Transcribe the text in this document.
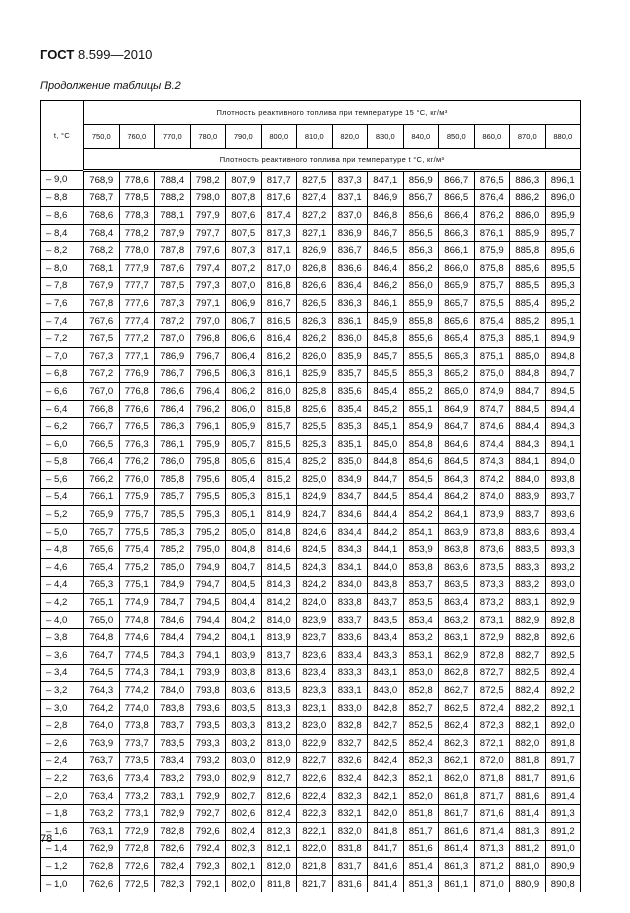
ГОСТ 8.599—2010
Продолжение таблицы В.2
t, °C	Плотность реактивного топлива при температуре 15 °C, кг/м³													
	750,0	760,0	770,0	780,0	790,0	800,0	810,0	820,0	830,0	840,0	850,0	860,0	870,0	880,0
	Плотность реактивного топлива при температуре t °C, кг/м³													
– 9,0	768,9	778,6	788,4	798,2	807,9	817,7	827,5	837,3	847,1	856,9	866,7	876,5	886,3	896,1
– 8,8	768,7	778,5	788,2	798,0	807,8	817,6	827,4	837,1	846,9	856,7	866,5	876,4	886,2	896,0
– 8,6	768,6	778,3	788,1	797,9	807,6	817,4	827,2	837,0	846,8	856,6	866,4	876,2	886,0	895,9
– 8,4	768,4	778,2	787,9	797,7	807,5	817,3	827,1	836,9	846,7	856,5	866,3	876,1	885,9	895,7
– 8,2	768,2	778,0	787,8	797,6	807,3	817,1	826,9	836,7	846,5	856,3	866,1	875,9	885,8	895,6
– 8,0	768,1	777,9	787,6	797,4	807,2	817,0	826,8	836,6	846,4	856,2	866,0	875,8	885,6	895,5
– 7,8	767,9	777,7	787,5	797,3	807,0	816,8	826,6	836,4	846,2	856,0	865,9	875,7	885,5	895,3
– 7,6	767,8	777,6	787,3	797,1	806,9	816,7	826,5	836,3	846,1	855,9	865,7	875,5	885,4	895,2
– 7,4	767,6	777,4	787,2	797,0	806,7	816,5	826,3	836,1	845,9	855,8	865,6	875,4	885,2	895,1
– 7,2	767,5	777,2	787,0	796,8	806,6	816,4	826,2	836,0	845,8	855,6	865,4	875,3	885,1	894,9
– 7,0	767,3	777,1	786,9	796,7	806,4	816,2	826,0	835,9	845,7	855,5	865,3	875,1	885,0	894,8
– 6,8	767,2	776,9	786,7	796,5	806,3	816,1	825,9	835,7	845,5	855,3	865,2	875,0	884,8	894,7
– 6,6	767,0	776,8	786,6	796,4	806,2	816,0	825,8	835,6	845,4	855,2	865,0	874,9	884,7	894,5
– 6,4	766,8	776,6	786,4	796,2	806,0	815,8	825,6	835,4	845,2	855,1	864,9	874,7	884,5	894,4
– 6,2	766,7	776,5	786,3	796,1	805,9	815,7	825,5	835,3	845,1	854,9	864,7	874,6	884,4	894,3
– 6,0	766,5	776,3	786,1	795,9	805,7	815,5	825,3	835,1	845,0	854,8	864,6	874,4	884,3	894,1
– 5,8	766,4	776,2	786,0	795,8	805,6	815,4	825,2	835,0	844,8	854,6	864,5	874,3	884,1	894,0
– 5,6	766,2	776,0	785,8	795,6	805,4	815,2	825,0	834,9	844,7	854,5	864,3	874,2	884,0	893,8
– 5,4	766,1	775,9	785,7	795,5	805,3	815,1	824,9	834,7	844,5	854,4	864,2	874,0	883,9	893,7
– 5,2	765,9	775,7	785,5	795,3	805,1	814,9	824,7	834,6	844,4	854,2	864,1	873,9	883,7	893,6
– 5,0	765,7	775,5	785,3	795,2	805,0	814,8	824,6	834,4	844,2	854,1	863,9	873,8	883,6	893,4
– 4,8	765,6	775,4	785,2	795,0	804,8	814,6	824,5	834,3	844,1	853,9	863,8	873,6	883,5	893,3
– 4,6	765,4	775,2	785,0	794,9	804,7	814,5	824,3	834,1	844,0	853,8	863,6	873,5	883,3	893,2
– 4,4	765,3	775,1	784,9	794,7	804,5	814,3	824,2	834,0	843,8	853,7	863,5	873,3	883,2	893,0
– 4,2	765,1	774,9	784,7	794,5	804,4	814,2	824,0	833,8	843,7	853,5	863,4	873,2	883,1	892,9
– 4,0	765,0	774,8	784,6	794,4	804,2	814,0	823,9	833,7	843,5	853,4	863,2	873,1	882,9	892,8
– 3,8	764,8	774,6	784,4	794,2	804,1	813,9	823,7	833,6	843,4	853,2	863,1	872,9	882,8	892,6
– 3,6	764,7	774,5	784,3	794,1	803,9	813,7	823,6	833,4	843,3	853,1	862,9	872,8	882,7	892,5
– 3,4	764,5	774,3	784,1	793,9	803,8	813,6	823,4	833,3	843,1	853,0	862,8	872,7	882,5	892,4
– 3,2	764,3	774,2	784,0	793,8	803,6	813,5	823,3	833,1	843,0	852,8	862,7	872,5	882,4	892,2
– 3,0	764,2	774,0	783,8	793,6	803,5	813,3	823,1	833,0	842,8	852,7	862,5	872,4	882,2	892,1
– 2,8	764,0	773,8	783,7	793,5	803,3	813,2	823,0	832,8	842,7	852,5	862,4	872,3	882,1	892,0
– 2,6	763,9	773,7	783,5	793,3	803,2	813,0	822,9	832,7	842,5	852,4	862,3	872,1	882,0	891,8
– 2,4	763,7	773,5	783,4	793,2	803,0	812,9	822,7	832,6	842,4	852,3	862,1	872,0	881,8	891,7
– 2,2	763,6	773,4	783,2	793,0	802,9	812,7	822,6	832,4	842,3	852,1	862,0	871,8	881,7	891,6
– 2,0	763,4	773,2	783,1	792,9	802,7	812,6	822,4	832,3	842,1	852,0	861,8	871,7	881,6	891,4
– 1,8	763,2	773,1	782,9	792,7	802,6	812,4	822,3	832,1	842,0	851,8	861,7	871,6	881,4	891,3
– 1,6	763,1	772,9	782,8	792,6	802,4	812,3	822,1	832,0	841,8	851,7	861,6	871,4	881,3	891,2
– 1,4	762,9	772,8	782,6	792,4	802,3	812,1	822,0	831,8	841,7	851,6	861,4	871,3	881,2	891,0
– 1,2	762,8	772,6	782,4	792,3	802,1	812,0	821,8	831,7	841,6	851,4	861,3	871,2	881,0	890,9
– 1,0	762,6	772,5	782,3	792,1	802,0	811,8	821,7	831,6	841,4	851,3	861,1	871,0	880,9	890,8
78
